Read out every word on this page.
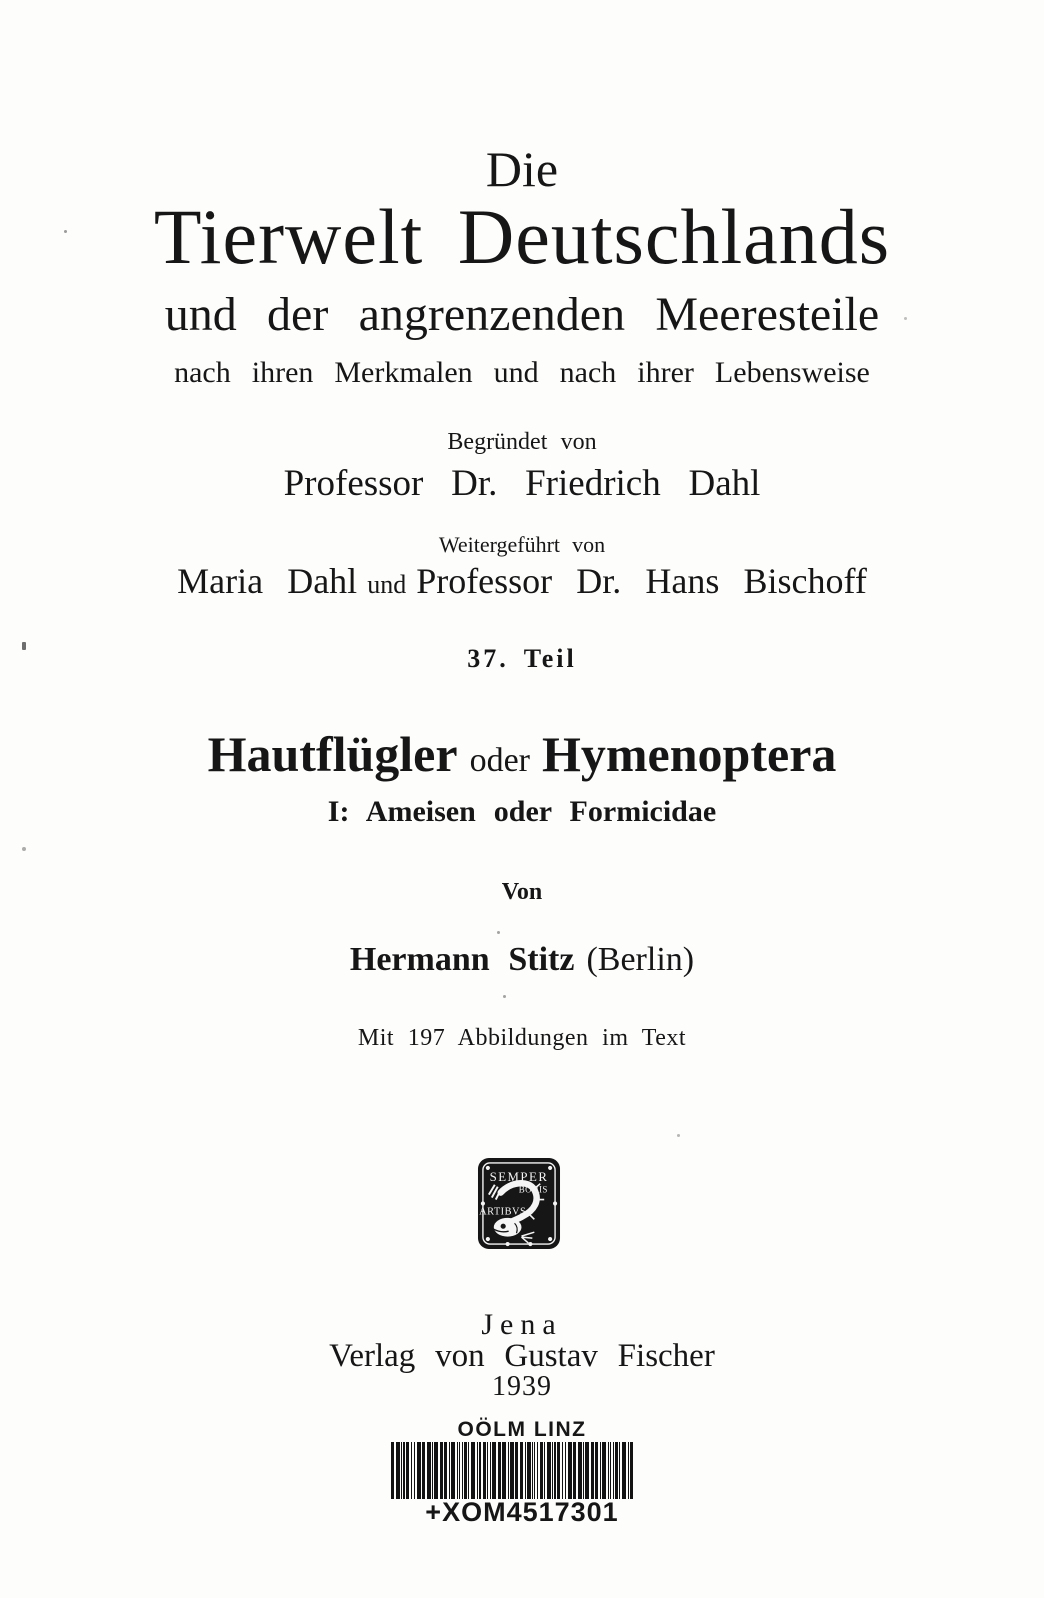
Die
Tierwelt Deutschlands
und der angrenzenden Meeresteile
nach ihren Merkmalen und nach ihrer Lebensweise
Begründet von
Professor Dr. Friedrich Dahl
Weitergeführt von
Maria Dahl und Professor Dr. Hans Bischoff
37. Teil
Hautflügler oder Hymenoptera
I: Ameisen oder Formicidae
Von
Hermann Stitz (Berlin)
Mit 197 Abbildungen im Text
SEMPER
BONIS
ARTIBVS
Jena
Verlag von Gustav Fischer
1939
OÖLM LINZ
+XOM4517301
